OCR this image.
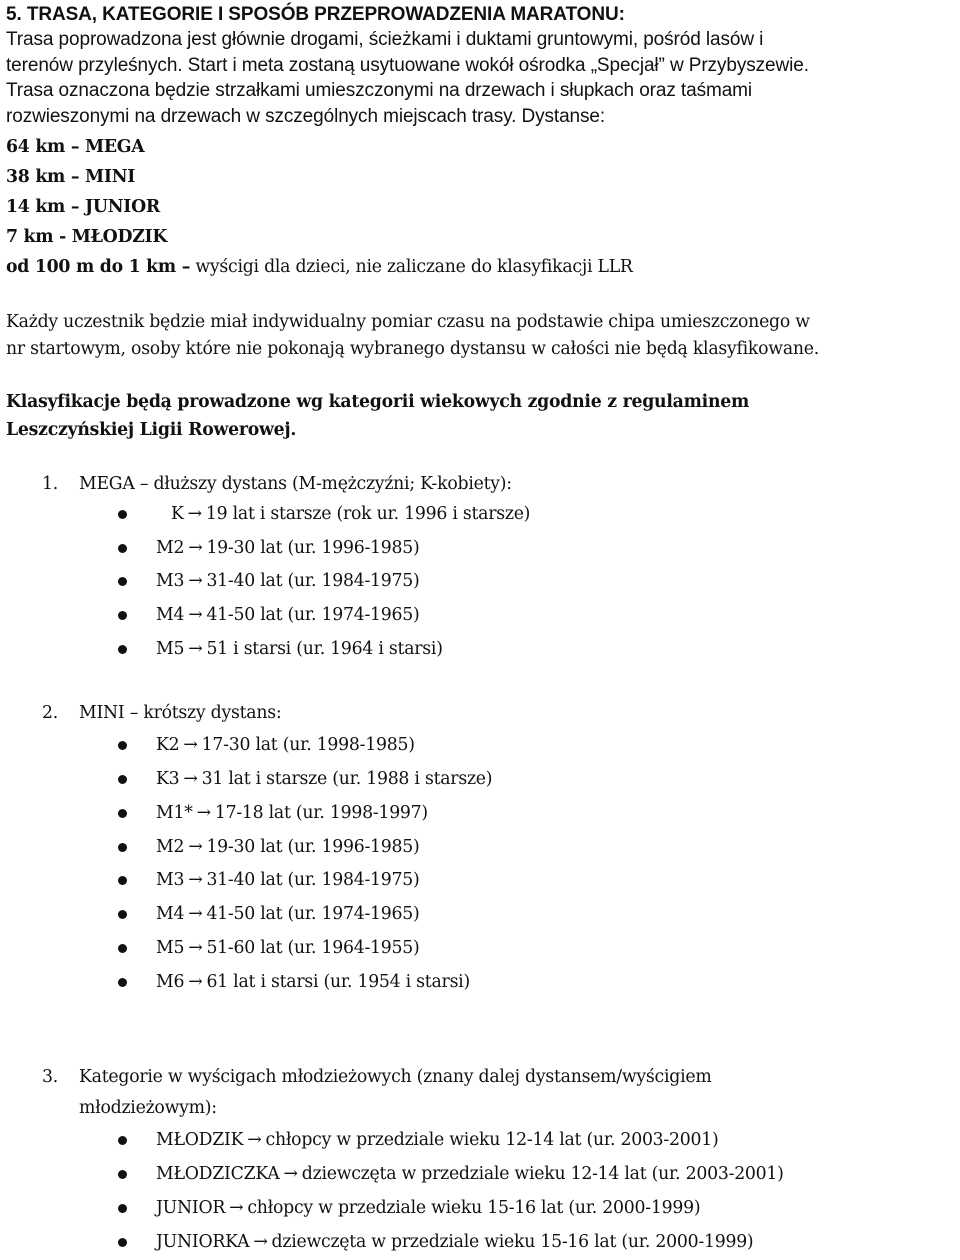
5. TRASA, KATEGORIE I SPOSÓB PRZEPROWADZENIA MARATONU:

Trasa poprowadzona jest głównie drogami, ścieżkami i duktami gruntowymi, pośród lasów i
terenów przyleśnych. Start i meta zostaną usytuowane wokół ośrodka „Specjał” w Przybyszewie.
Trasa oznaczona będzie strzałkami umieszczonymi na drzewach i słupkach oraz taśmami
rozwieszonymi na drzewach w szczególnych miejscach trasy. Dystanse:

64 km – MEGA
38 km – MINI
14 km – JUNIOR
7 km - MŁODZIK
od 100 m do 1 km – wyścigi dla dzieci, nie zaliczane do klasyfikacji LLR
Każdy uczestnik będzie miał indywidualny pomiar czasu na podstawie chipa umieszczonego w
nr startowym, osoby które nie pokonają wybranego dystansu w całości nie będą klasyfikowane.
Klasyfikacje będą prowadzone wg kategorii wiekowych zgodnie z regulaminem
Leszczyńskiej Ligii Rowerowej.
1. MEGA – dłuższy dystans (M-mężczyźni; K-kobiety):
K → 19 lat i starsze (rok ur. 1996 i starsze)
M2 → 19-30 lat (ur. 1996-1985)
M3 → 31-40 lat (ur. 1984-1975)
M4 → 41-50 lat (ur. 1974-1965)
M5 → 51 i starsi (ur. 1964 i starsi)
2. MINI – krótszy dystans:
K2 → 17-30 lat (ur. 1998-1985)
K3 → 31 lat i starsze (ur. 1988 i starsze)
M1* → 17-18 lat (ur. 1998-1997)
M2 → 19-30 lat (ur. 1996-1985)
M3 → 31-40 lat (ur. 1984-1975)
M4 → 41-50 lat (ur. 1974-1965)
M5 → 51-60 lat (ur. 1964-1955)
M6 → 61 lat i starsi (ur. 1954 i starsi)
3. Kategorie w wyścigach młodzieżowych (znany dalej dystansem/wyścigiem
młodzieżowym):
MŁODZIK → chłopcy w przedziale wieku 12-14 lat (ur. 2003-2001)
MŁODZICZKA → dziewczęta w przedziale wieku 12-14 lat (ur. 2003-2001)
JUNIOR → chłopcy w przedziale wieku 15-16 lat (ur. 2000-1999)
JUNIORKA → dziewczęta w przedziale wieku 15-16 lat (ur. 2000-1999)
